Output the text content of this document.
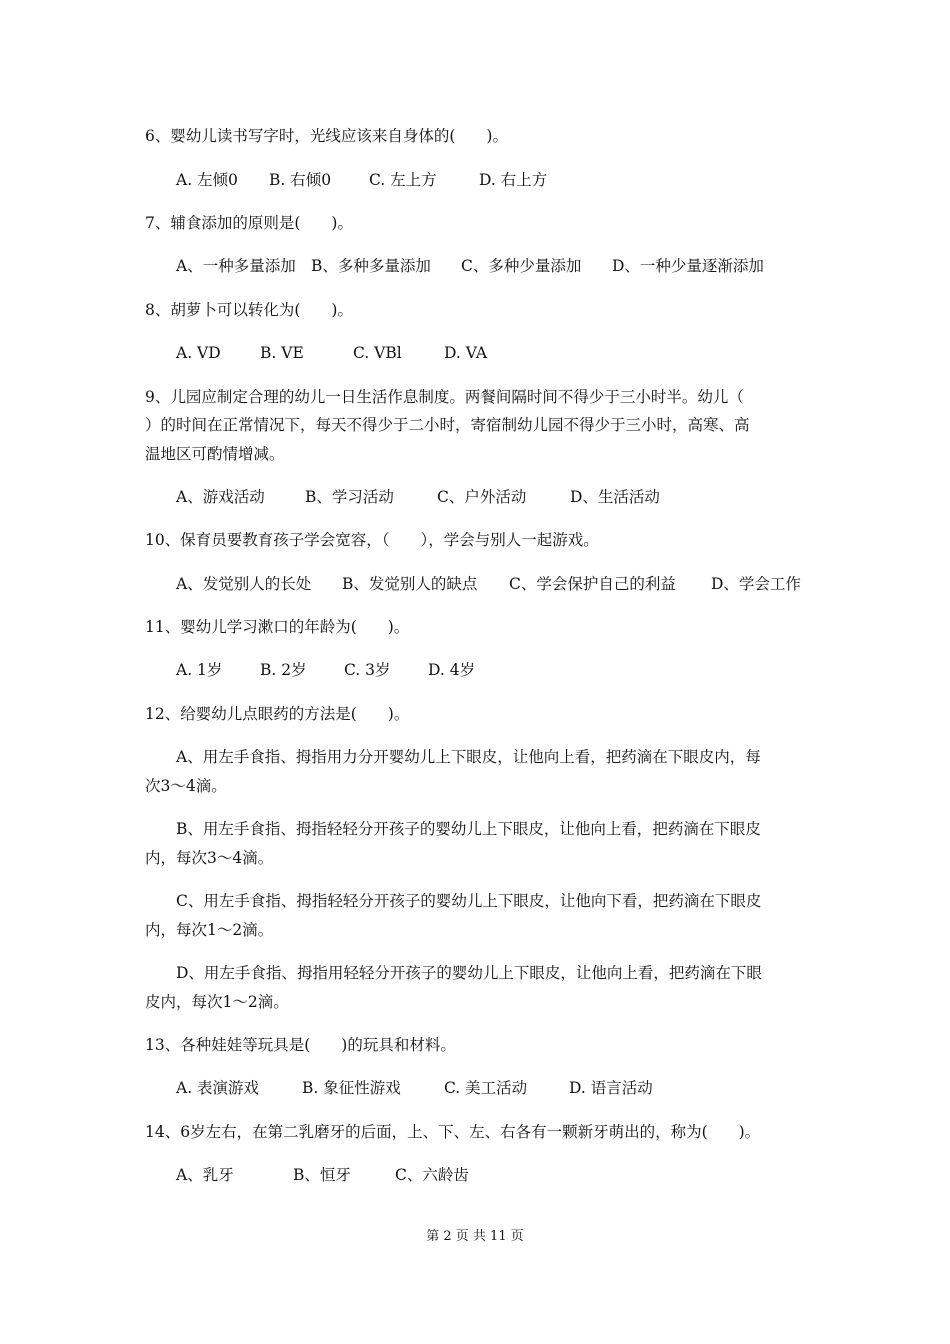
6、婴幼儿读书写字时，光线应该来自身体的(　　)。
A. 左倾0 B. 右倾0 C. 左上方	D. 右上方
7、辅食添加的原则是(　　)。
A、一种多量添加 B、多种多量添加 C、多种少量添加 D、一种少量逐渐添加
8、胡萝卜可以转化为(　　)。
A. VD	B. VE	C. VBl	D. VA
9、儿园应制定合理的幼儿一日生活作息制度。两餐间隔时间不得少于三小时半。幼儿（
）的时间在正常情况下，每天不得少于二小时，寄宿制幼儿园不得少于三小时，高寒、高
温地区可酌情增减。
A、游戏活动	B、学习活动	C、户外活动	D、生活活动
10、保育员要教育孩子学会宽容，（　　），学会与别人一起游戏。
A、发觉别人的长处 B、发觉别人的缺点 C、学会保护自己的利益 D、学会工作
11、婴幼儿学习漱口的年龄为(　　)。
A. 1岁 B. 2岁 C. 3岁 D. 4岁
12、给婴幼儿点眼药的方法是(　　)。
A、用左手食指、拇指用力分开婴幼儿上下眼皮，让他向上看，把药滴在下眼皮内，每
次3～4滴。
B、用左手食指、拇指轻轻分开孩子的婴幼儿上下眼皮，让他向上看，把药滴在下眼皮
内，每次3～4滴。
C、用左手食指、拇指轻轻分开孩子的婴幼儿上下眼皮，让他向下看，把药滴在下眼皮
内，每次1～2滴。
D、用左手食指、拇指用轻轻分开孩子的婴幼儿上下眼皮，让他向上看，把药滴在下眼
皮内，每次1～2滴。
13、各种娃娃等玩具是(　　)的玩具和材料。
A. 表演游戏	B. 象征性游戏	C. 美工活动	D. 语言活动
14、6岁左右，在第二乳磨牙的后面，上、下、左、右各有一颗新牙萌出的，称为(　　)。
A、乳牙	B、恒牙	C、六龄齿
第 2 页 共 11 页
